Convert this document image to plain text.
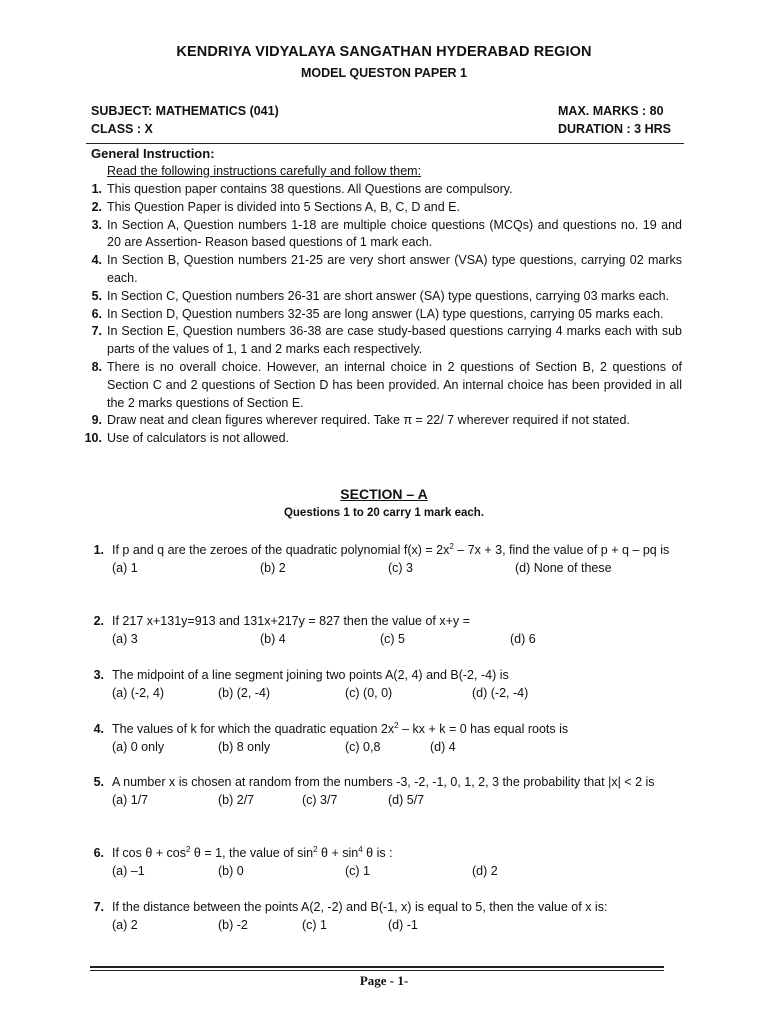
KENDRIYA VIDYALAYA SANGATHAN HYDERABAD REGION
MODEL QUESTON PAPER 1
SUBJECT: MATHEMATICS (041)
CLASS : X
MAX. MARKS : 80
DURATION : 3 HRS
General Instruction:
Read the following instructions carefully and follow them:
1. This question paper contains 38 questions. All Questions are compulsory.
2. This Question Paper is divided into 5 Sections A, B, C, D and E.
3. In Section A, Question numbers 1-18 are multiple choice questions (MCQs) and questions no. 19 and 20 are Assertion- Reason based questions of 1 mark each.
4. In Section B, Question numbers 21-25 are very short answer (VSA) type questions, carrying 02 marks each.
5. In Section C, Question numbers 26-31 are short answer (SA) type questions, carrying 03 marks each.
6. In Section D, Question numbers 32-35 are long answer (LA) type questions, carrying 05 marks each.
7. In Section E, Question numbers 36-38 are case study-based questions carrying 4 marks each with sub parts of the values of 1, 1 and 2 marks each respectively.
8. There is no overall choice. However, an internal choice in 2 questions of Section B, 2 questions of Section C and 2 questions of Section D has been provided. An internal choice has been provided in all the 2 marks questions of Section E.
9. Draw neat and clean figures wherever required. Take π = 22/ 7 wherever required if not stated.
10. Use of calculators is not allowed.
SECTION – A
Questions 1 to 20 carry 1 mark each.
1. If p and q are the zeroes of the quadratic polynomial $f(x) = 2x^2 - 7x + 3$, find the value of p + q – pq is
(a) 1	(b) 2	(c) 3	(d) None of these
2. If 217 x+131y=913 and 131x+217y = 827 then the value of x+y =
(a) 3	(b) 4	(c) 5	(d) 6
3. The midpoint of a line segment joining two points A(2, 4) and B(-2, -4) is
(a) (-2, 4)	(b) (2, -4)	(c) (0, 0)	(d) (-2, -4)
4. The values of k for which the quadratic equation $2x^2$ – kx + k = 0 has equal roots is
(a) 0 only	(b) 8 only	(c) 0,8	(d) 4
5. A number x is chosen at random from the numbers -3, -2, -1, 0, 1, 2, 3 the probability that |x| < 2 is
(a) 1/7	(b) 2/7	(c) 3/7	(d) 5/7
6. If $\cos \theta + \cos^2 \theta = 1$, the value of $\sin^2 \theta + \sin^4 \theta$ is :
(a) –1	(b) 0	(c) 1	(d) 2
7. If the distance between the points A(2, -2) and B(-1, x) is equal to 5, then the value of x is:
(a) 2	(b) -2	(c) 1	(d) -1
Page - 1-
